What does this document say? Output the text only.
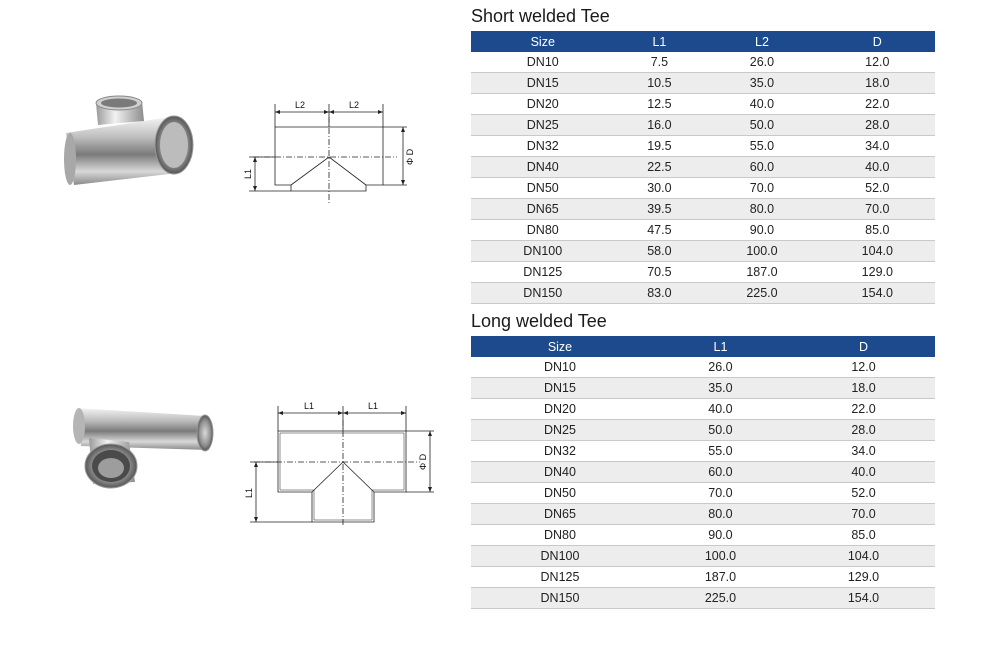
L2	L2
L1
Φ D
Short welded Tee
Size	L1	L2	D
DN10	7.5	26.0	12.0
DN15	10.5	35.0	18.0
DN20	12.5	40.0	22.0
DN25	16.0	50.0	28.0
DN32	19.5	55.0	34.0
DN40	22.5	60.0	40.0
DN50	30.0	70.0	52.0
DN65	39.5	80.0	70.0
DN80	47.5	90.0	85.0
DN100	58.0	100.0	104.0
DN125	70.5	187.0	129.0
DN150	83.0	225.0	154.0
L1	L1
L1
Φ D
Long welded Tee
Size	L1	D
DN10	26.0	12.0
DN15	35.0	18.0
DN20	40.0	22.0
DN25	50.0	28.0
DN32	55.0	34.0
DN40	60.0	40.0
DN50	70.0	52.0
DN65	80.0	70.0
DN80	90.0	85.0
DN100	100.0	104.0
DN125	187.0	129.0
DN150	225.0	154.0
